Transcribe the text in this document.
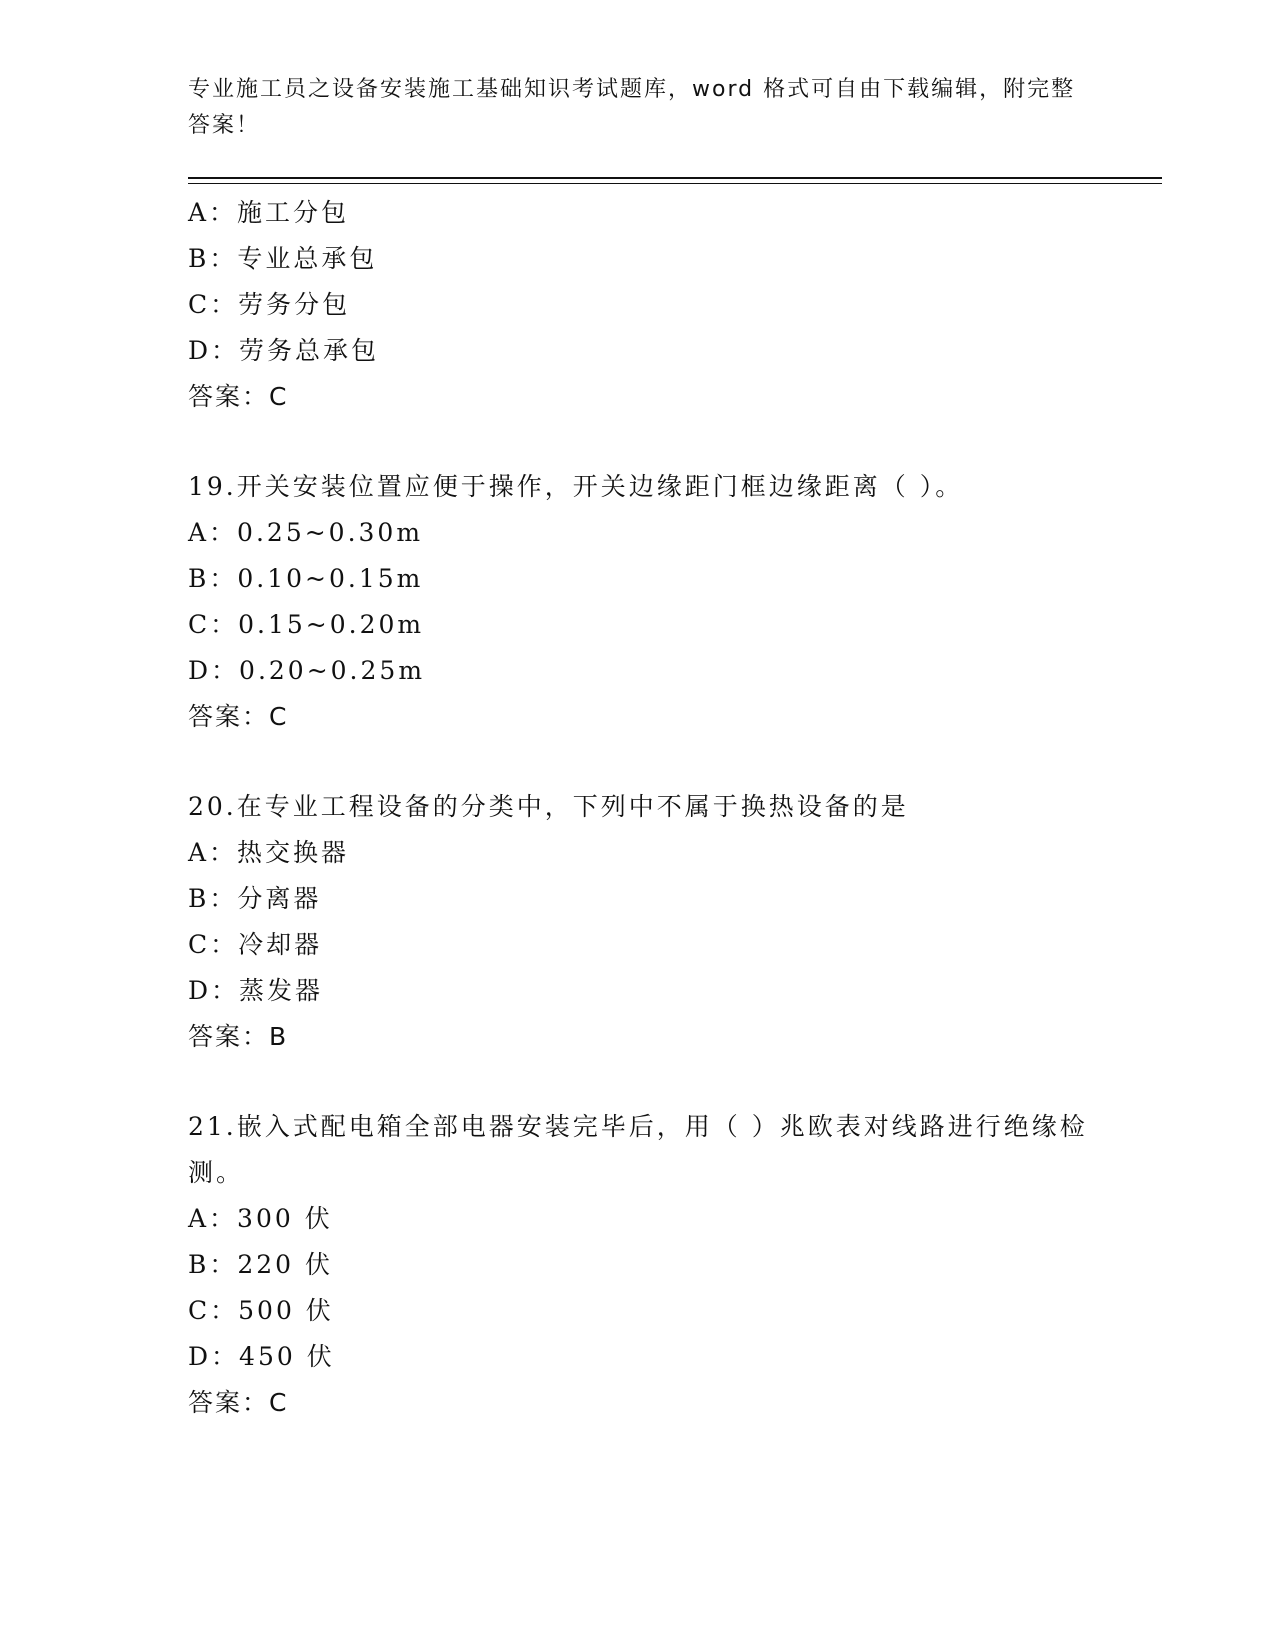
专业施工员之设备安装施工基础知识考试题库，word 格式可自由下载编辑，附完整答案！
A：施工分包
B：专业总承包
C：劳务分包
D：劳务总承包
答案：C
19.开关安装位置应便于操作，开关边缘距门框边缘距离（ ）。
A：0.25~0.30m
B：0.10~0.15m
C：0.15~0.20m
D：0.20~0.25m
答案：C
20.在专业工程设备的分类中，下列中不属于换热设备的是
A：热交换器
B：分离器
C：冷却器
D：蒸发器
答案：B
21.嵌入式配电箱全部电器安装完毕后，用（ ）兆欧表对线路进行绝缘检测。
A：300 伏
B：220 伏
C：500 伏
D：450 伏
答案：C
